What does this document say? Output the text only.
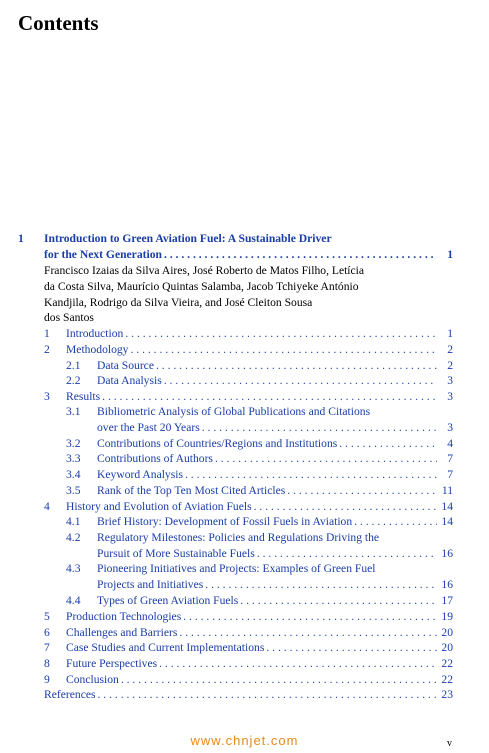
Contents
1 Introduction to Green Aviation Fuel: A Sustainable Driver
for the Next Generation . . .	1
Francisco Izaias da Silva Aires, José Roberto de Matos Filho, Letícia
da Costa Silva, Maurício Quintas Salamba, Jacob Tchiyeke António
Kandjila, Rodrigo da Silva Vieira, and José Cleiton Sousa
dos Santos
1 Introduction . . .	1
2 Methodology . . .	2
2.1 Data Source . . .	2
2.2 Data Analysis . . .	3
3 Results . . .	3
3.1 Bibliometric Analysis of Global Publications and Citations
over the Past 20 Years . . .	3
3.2 Contributions of Countries/Regions and Institutions . . .	4
3.3 Contributions of Authors . . .	7
3.4 Keyword Analysis . . .	7
3.5 Rank of the Top Ten Most Cited Articles . . .	11
4 History and Evolution of Aviation Fuels . . .	14
4.1 Brief History: Development of Fossil Fuels in Aviation . . .	14
4.2 Regulatory Milestones: Policies and Regulations Driving the
Pursuit of More Sustainable Fuels . . .	16
4.3 Pioneering Initiatives and Projects: Examples of Green Fuel
Projects and Initiatives . . .	16
4.4 Types of Green Aviation Fuels . . .	17
5 Production Technologies . . .	19
6 Challenges and Barriers . . .	20
7 Case Studies and Current Implementations . . .	20
8 Future Perspectives . . .	22
9 Conclusion . . .	22
References . . .	23
www.chnjet.com	v
